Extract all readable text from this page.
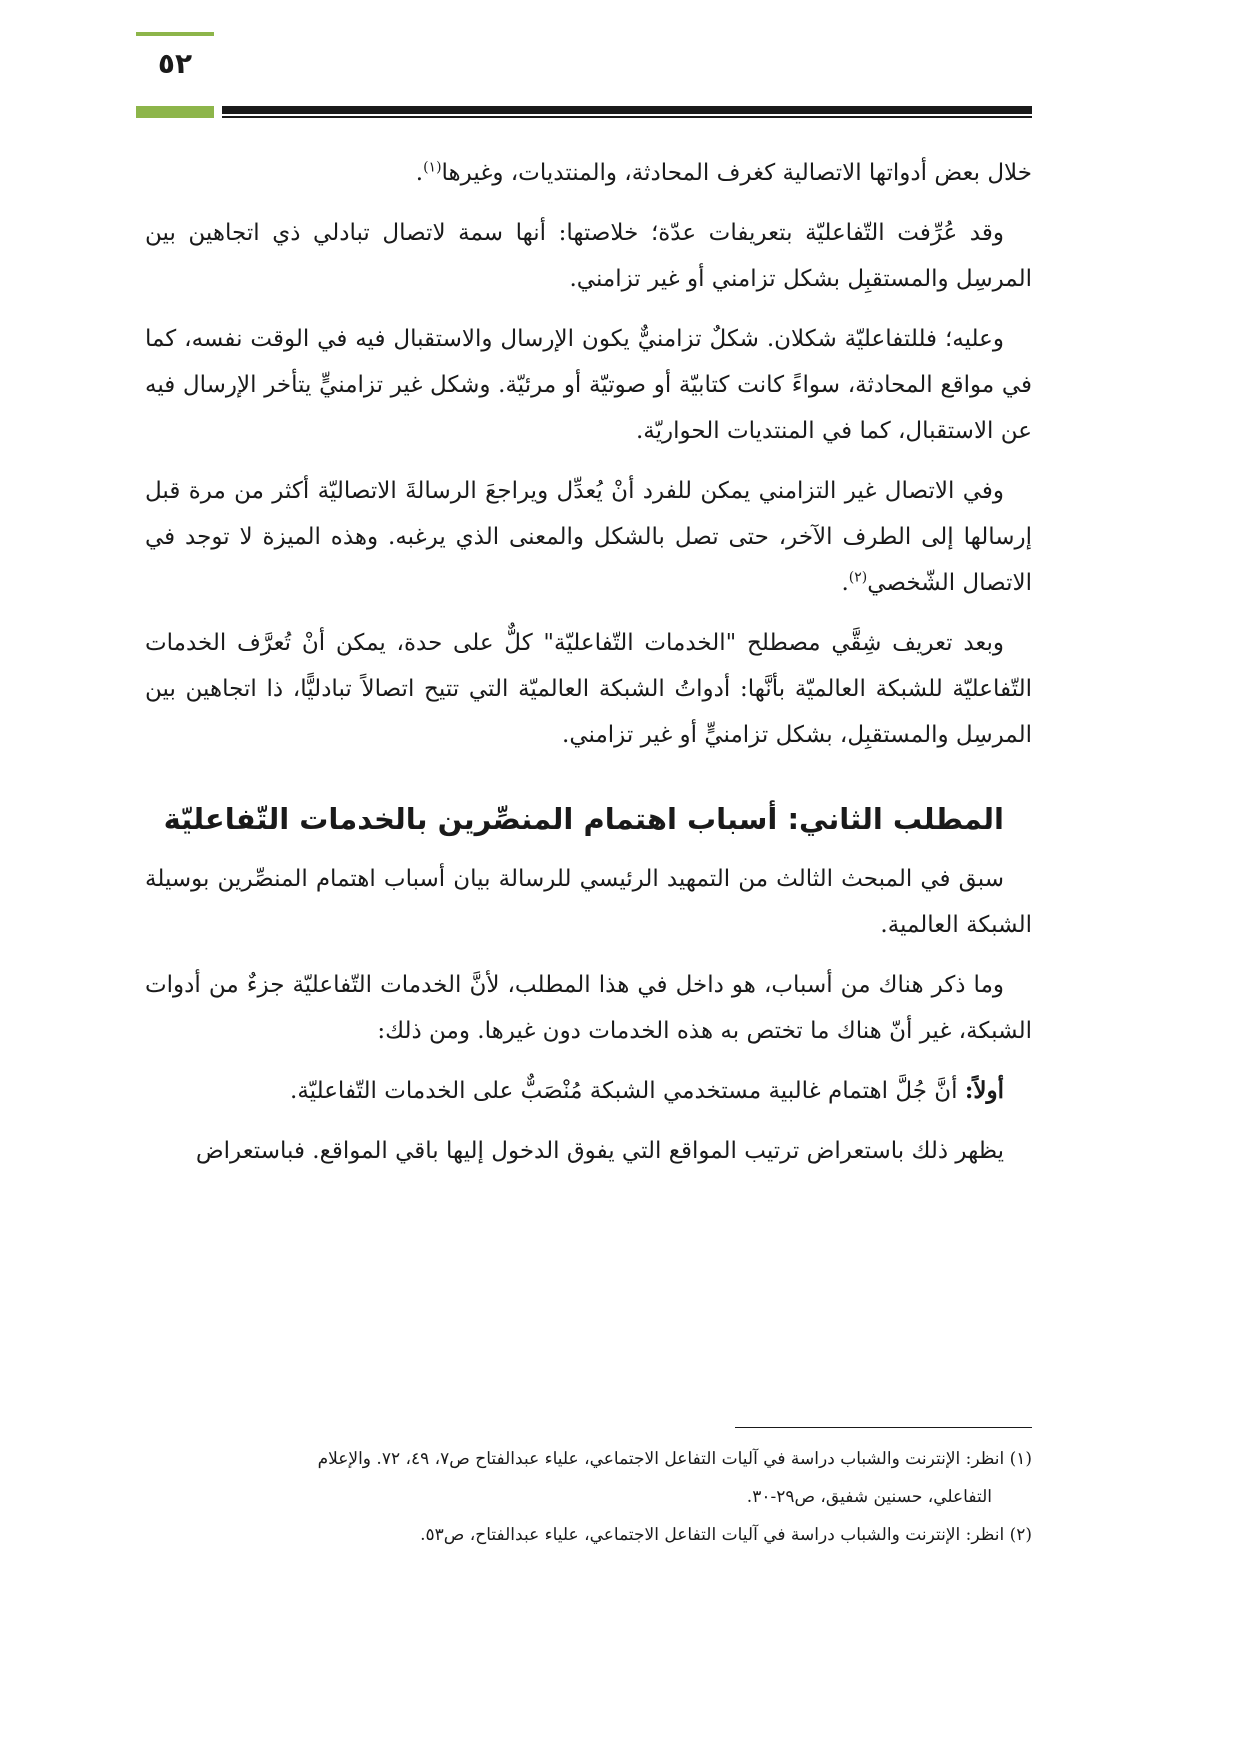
٥٢

خلال بعض أدواتها الاتصالية كغرف المحادثة، والمنتديات، وغيرها$^{(١)}$.

وقد عُرِّفت التّفاعليّة بتعريفات عدّة؛ خلاصتها: أنها سمة لاتصال تبادلي ذي اتجاهين بين المرسِل والمستقبِل بشكل تزامني أو غير تزامني.

وعليه؛ فللتفاعليّة شكلان. شكلٌ تزامنيٌّ يكون الإرسال والاستقبال فيه في الوقت نفسه، كما في مواقع المحادثة، سواءً كانت كتابيّة أو صوتيّة أو مرئيّة. وشكل غير تزامنيٍّ يتأخر الإرسال فيه عن الاستقبال، كما في المنتديات الحواريّة.

وفي الاتصال غير التزامني يمكن للفرد أنْ يُعدِّل ويراجعَ الرسالةَ الاتصاليّة أكثر من مرة قبل إرسالها إلى الطرف الآخر، حتى تصل بالشكل والمعنى الذي يرغبه. وهذه الميزة لا توجد في الاتصال الشّخصي$^{(٢)}$.

وبعد تعريف شِقَّي مصطلح "الخدمات التّفاعليّة" كلٌّ على حدة، يمكن أنْ تُعرَّف الخدمات التّفاعليّة للشبكة العالميّة بأنَّها: أدواتُ الشبكة العالميّة التي تتيح اتصالاً تبادليًّا، ذا اتجاهين بين المرسِل والمستقبِل، بشكل تزامنيٍّ أو غير تزامني.

المطلب الثاني: أسباب اهتمام المنصِّرين بالخدمات التّفاعليّة

سبق في المبحث الثالث من التمهيد الرئيسي للرسالة بيان أسباب اهتمام المنصِّرين بوسيلة الشبكة العالمية.

وما ذكر هناك من أسباب، هو داخل في هذا المطلب، لأنَّ الخدمات التّفاعليّة جزءٌ من أدوات الشبكة، غير أنّ هناك ما تختص به هذه الخدمات دون غيرها. ومن ذلك:

أولاً: أنَّ جُلَّ اهتمام غالبية مستخدمي الشبكة مُنْصَبٌّ على الخدمات التّفاعليّة.

يظهر ذلك باستعراض ترتيب المواقع التي يفوق الدخول إليها باقي المواقع. فباستعراض

(١) انظر: الإنترنت والشباب دراسة في آليات التفاعل الاجتماعي، علياء عبدالفتاح ص٧، ٤٩، ٧٢. والإعلام

التفاعلي، حسنين شفيق، ص٢٩-٣٠.

(٢) انظر: الإنترنت والشباب دراسة في آليات التفاعل الاجتماعي، علياء عبدالفتاح، ص٥٣.
